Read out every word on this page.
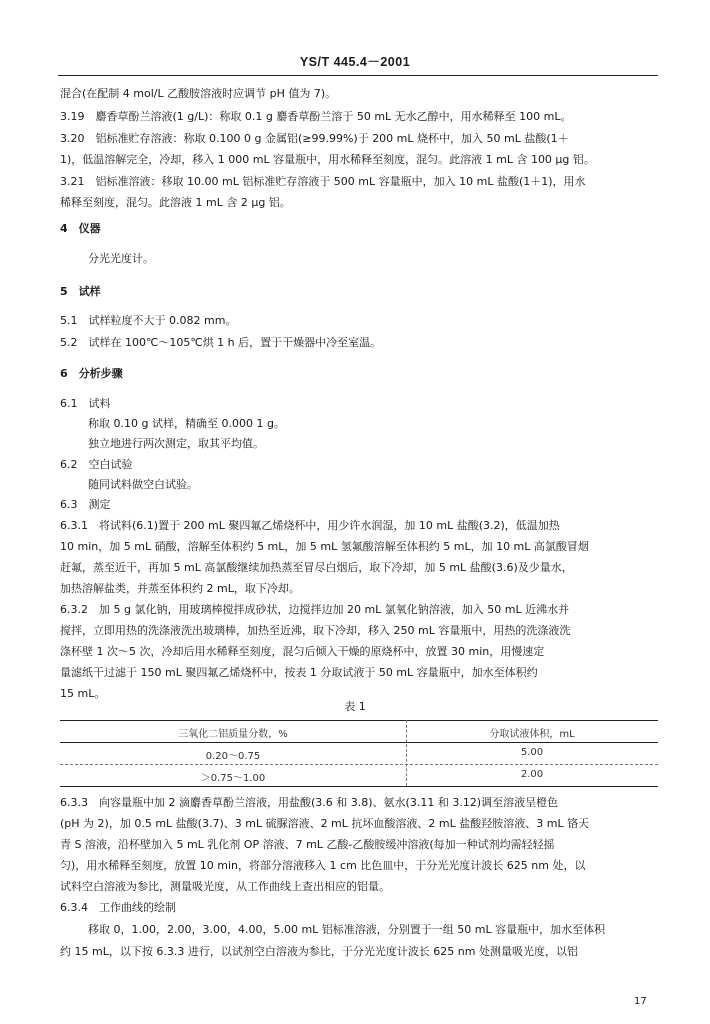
YS/T 445.4－2001
混合(在配制 4 mol/L 乙酸胺溶液时应调节 pH 值为 7)。
3.19　麝香草酚兰溶液(1 g/L)：称取 0.1 g 麝香草酚兰溶于 50 mL 无水乙醇中，用水稀释至 100 mL。
3.20　铝标准贮存溶液：称取 0.100 0 g 金属铝(≥99.99%)于 200 mL 烧杯中，加入 50 mL 盐酸(1＋
1)，低温溶解完全，冷却，移入 1 000 mL 容量瓶中，用水稀释至刻度，混匀。此溶液 1 mL 含 100 μg 铝。
3.21　铝标准溶液：移取 10.00 mL 铝标准贮存溶液于 500 mL 容量瓶中，加入 10 mL 盐酸(1＋1)，用水
稀释至刻度，混匀。此溶液 1 mL 含 2 μg 铝。
4　仪器
分光光度计。
5　试样
5.1　试样粒度不大于 0.082 mm。
5.2　试样在 100℃～105℃烘 1 h 后，置于干燥器中冷至室温。
6　分析步骤
6.1　试料
称取 0.10 g 试样，精确至 0.000 1 g。
独立地进行两次测定，取其平均值。
6.2　空白试验
随同试料做空白试验。
6.3　测定
6.3.1　将试料(6.1)置于 200 mL 聚四氟乙烯烧杯中，用少许水润湿，加 10 mL 盐酸(3.2)，低温加热
10 min，加 5 mL 硝酸，溶解至体积约 5 mL，加 5 mL 氢氟酸溶解至体积约 5 mL，加 10 mL 高氯酸冒烟
赶氟，蒸至近干，再加 5 mL 高氯酸继续加热蒸至冒尽白烟后，取下冷却，加 5 mL 盐酸(3.6)及少量水，
加热溶解盐类，并蒸至体积约 2 mL，取下冷却。
6.3.2　加 5 g 氯化钠，用玻璃棒搅拌成砂状，边搅拌边加 20 mL 氯氧化钠溶液，加入 50 mL 近沸水并
搅拌，立即用热的洗涤液洗出玻璃棒，加热至近沸，取下冷却，移入 250 mL 容量瓶中，用热的洗涤液洗
涤杯壁 1 次～5 次，冷却后用水稀释至刻度，混匀后倾入干燥的原烧杯中，放置 30 min，用慢速定
量滤纸干过滤于 150 mL 聚四氟乙烯烧杯中，按表 1 分取试液于 50 mL 容量瓶中，加水至体积约
15 mL。
表 1
三氧化二铝质量分数，%	分取试液体积，mL
0.20～0.75	5.00
＞0.75～1.00	2.00
6.3.3　向容量瓶中加 2 滴麝香草酚兰溶液，用盐酸(3.6 和 3.8)、氨水(3.11 和 3.12)调至溶液呈橙色
(pH 为 2)，加 0.5 mL 盐酸(3.7)、3 mL 硫脲溶液、2 mL 抗坏血酸溶液、2 mL 盐酸羟胺溶液、3 mL 铬天
青 S 溶液，沿杯壁加入 5 mL 乳化剂 OP 溶液、7 mL 乙酸-乙酸胺缓冲溶液(每加一种试剂均需轻轻摇
匀)，用水稀释至刻度，放置 10 min，将部分溶液移入 1 cm 比色皿中，于分光光度计波长 625 nm 处，以
试料空白溶液为参比，测量吸光度，从工作曲线上查出相应的铝量。
6.3.4　工作曲线的绘制
移取 0，1.00，2.00，3.00，4.00，5.00 mL 铝标准溶液，分别置于一组 50 mL 容量瓶中，加水至体积
约 15 mL，以下按 6.3.3 进行，以试剂空白溶液为参比，于分光光度计波长 625 nm 处测量吸光度，以铝
17
